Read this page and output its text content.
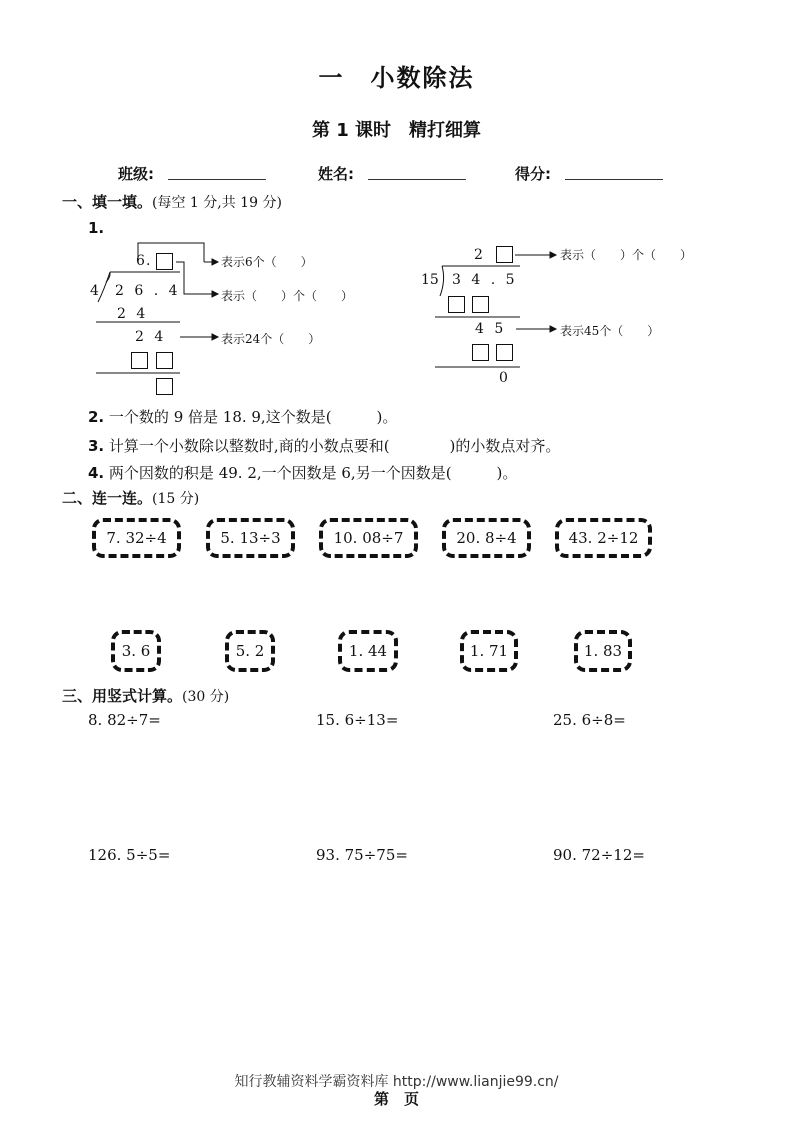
一　小数除法
第 1 课时　精打细算
班级:	姓名:	得分:
一、填一填。(每空 1 分,共 19 分)
1.
6 .
4 2 6 . 4
2 4
2 4
表示6个（　　）
表示（　　）个（　　）
表示24个（　　）
2
15 3 4 . 5
4 5
0
表示（　　）个（　　）
表示45个（　　）
2. 一个数的 9 倍是 18. 9,这个数是(　　　)。
3. 计算一个小数除以整数时,商的小数点要和(　　　　)的小数点对齐。
4. 两个因数的积是 49. 2,一个因数是 6,另一个因数是(　　　)。
二、连一连。(15 分)
7. 32÷4	5. 13÷3	10. 08÷7	20. 8÷4	43. 2÷12
3. 6	5. 2	1. 44	1. 71	1. 83
三、用竖式计算。(30 分)
8. 82÷7=	15. 6÷13=	25. 6÷8=
126. 5÷5=	93. 75÷75=	90. 72÷12=
知行教辅资料学霸资料库 http://www.lianjie99.cn/
第　页
